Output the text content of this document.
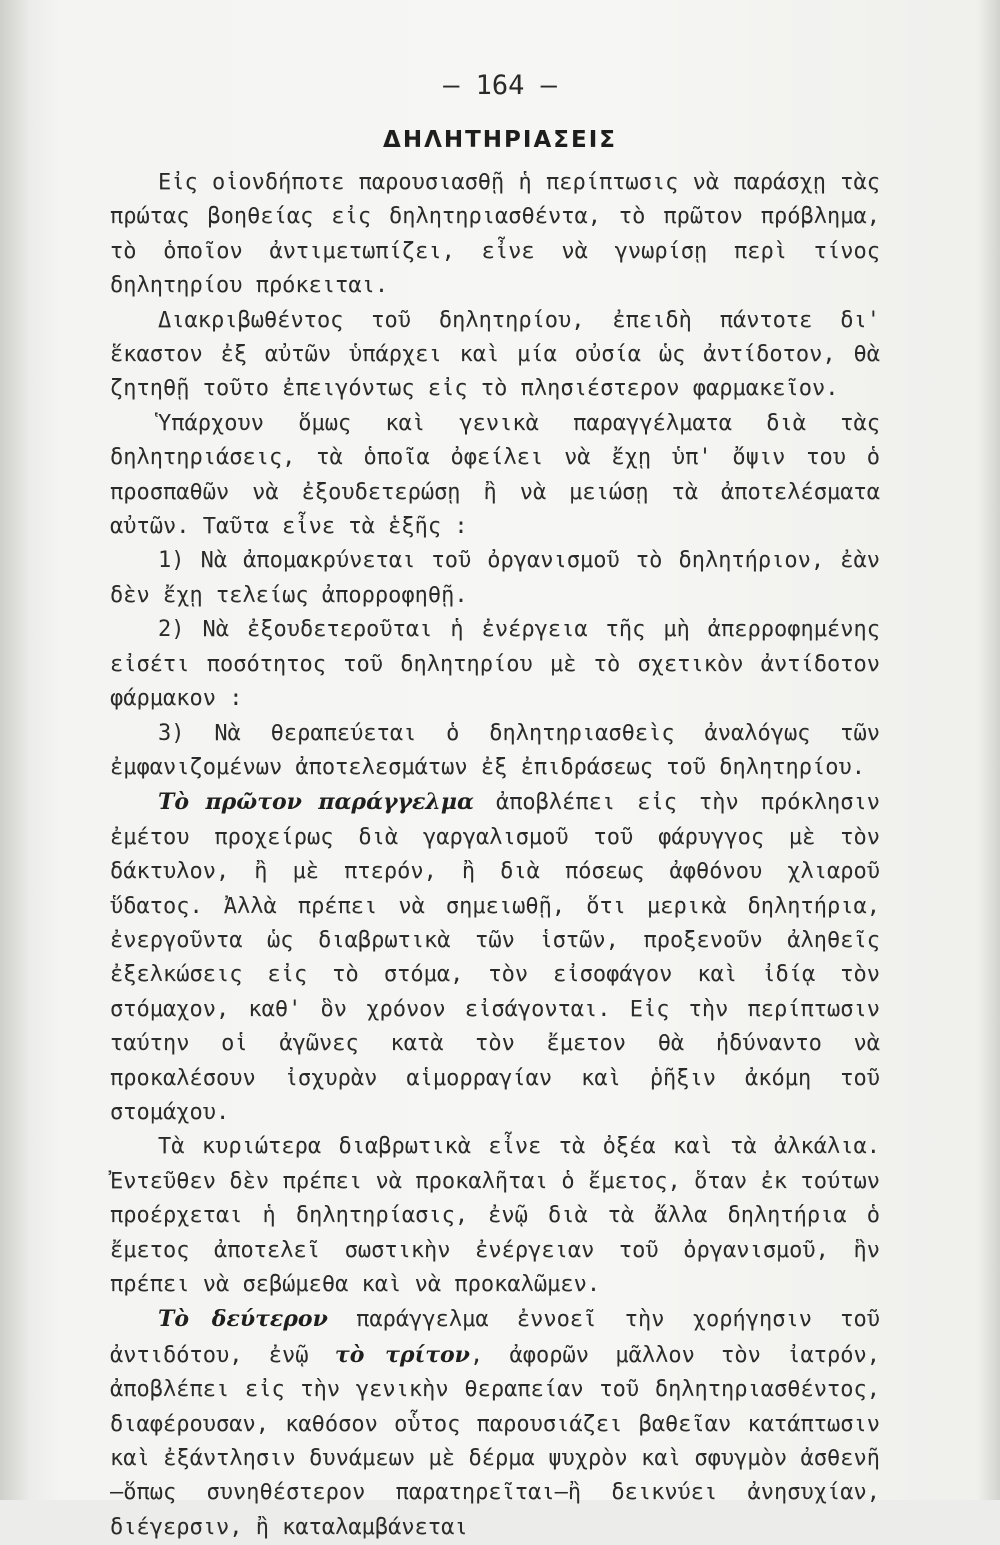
— 164 —
ΔΗΛΗΤΗΡΙΑΣΕΙΣ

Εἰς οἱονδήποτε παρουσιασθῇ ἡ περίπτωσις νὰ παράσχῃ τὰς πρώτας βοηθείας εἰς δηλητηριασθέντα, τὸ πρῶτον πρόβλημα, τὸ ὁποῖον ἀντιμετωπίζει, εἶνε νὰ γνωρίσῃ περὶ τίνος δηλητηρίου πρόκειται.

Διακριβωθέντος τοῦ δηλητηρίου, ἐπειδὴ πάντοτε δι' ἕκαστον ἐξ αὐτῶν ὑπάρχει καὶ μία οὐσία ὡς ἀντίδοτον, θὰ ζητηθῇ τοῦτο ἐπειγόντως εἰς τὸ πλησιέστερον φαρμακεῖον.

Ὑπάρχουν ὅμως καὶ γενικὰ παραγγέλματα διὰ τὰς δηλητηριάσεις, τὰ ὁποῖα ὀφείλει νὰ ἔχῃ ὑπ' ὄψιν του ὁ προσπαθῶν νὰ ἐξουδετερώσῃ ἢ νὰ μειώσῃ τὰ ἀποτελέσματα αὐτῶν. Ταῦτα εἶνε τὰ ἑξῆς :

1) Νὰ ἀπομακρύνεται τοῦ ὀργανισμοῦ τὸ δηλητήριον, ἐὰν δὲν ἔχῃ τελείως ἀπορροφηθῇ.

2) Νὰ ἐξουδετεροῦται ἡ ἐνέργεια τῆς μὴ ἀπερροφημένης εἰσέτι ποσότητος τοῦ δηλητηρίου μὲ τὸ σχετικὸν ἀντίδοτον φάρμακον :

3) Νὰ θεραπεύεται ὁ δηλητηριασθεὶς ἀναλόγως τῶν ἐμφανιζομένων ἀποτελεσμάτων ἐξ ἐπιδράσεως τοῦ δηλητηρίου.

Τὸ πρῶτον παράγγελμα ἀποβλέπει εἰς τὴν πρόκλησιν ἐμέτου προχείρως διὰ γαργαλισμοῦ τοῦ φάρυγγος μὲ τὸν δάκτυλον, ἢ μὲ πτερόν, ἢ διὰ πόσεως ἀφθόνου χλιαροῦ ὕδατος. Ἀλλὰ πρέπει νὰ σημειωθῇ, ὅτι μερικὰ δηλητήρια, ἐνεργοῦντα ὡς διαβρωτικὰ τῶν ἱστῶν, προξενοῦν ἀληθεῖς ἐξελκώσεις εἰς τὸ στόμα, τὸν εἰσοφάγον καὶ ἰδίᾳ τὸν στόμαχον, καθ' ὃν χρόνον εἰσάγονται. Εἰς τὴν περίπτωσιν ταύτην οἱ ἀγῶνες κατὰ τὸν ἔμετον θὰ ἠδύναντο νὰ προκαλέσουν ἰσχυρὰν αἱμορραγίαν καὶ ῥῆξιν ἀκόμη τοῦ στομάχου.

Τὰ κυριώτερα διαβρωτικὰ εἶνε τὰ ὀξέα καὶ τὰ ἀλκάλια. Ἐντεῦθεν δὲν πρέπει νὰ προκαλῆται ὁ ἔμετος, ὅταν ἐκ τούτων προέρχεται ἡ δηλητηρίασις, ἐνῷ διὰ τὰ ἄλλα δηλητήρια ὁ ἔμετος ἀποτελεῖ σωστικὴν ἐνέργειαν τοῦ ὀργανισμοῦ, ἣν πρέπει νὰ σεβώμεθα καὶ νὰ προκαλῶμεν.

Τὸ δεύτερον παράγγελμα ἐννοεῖ τὴν χορήγησιν τοῦ ἀντιδότου, ἐνῷ τὸ τρίτον, ἀφορῶν μᾶλλον τὸν ἰατρόν, ἀποβλέπει εἰς τὴν γενικὴν θεραπείαν τοῦ δηλητηριασθέντος, διαφέρουσαν, καθόσον οὗτος παρουσιάζει βαθεῖαν κατάπτωσιν καὶ ἐξάντλησιν δυνάμεων μὲ δέρμα ψυχρὸν καὶ σφυγμὸν ἀσθενῆ—ὅπως συνηθέστερον παρατηρεῖται—ἢ δεικνύει ἀνησυχίαν, διέγερσιν, ἢ καταλαμβάνεται
